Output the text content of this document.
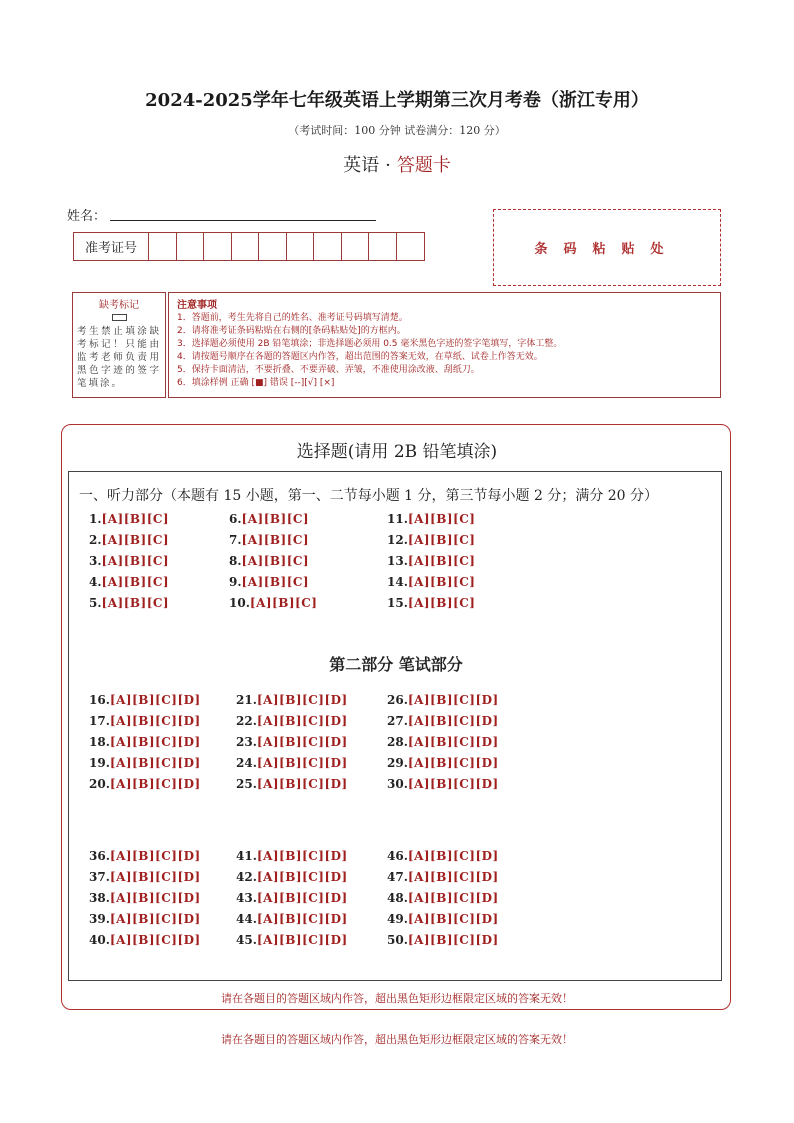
2024-2025学年七年级英语上学期第三次月考卷（浙江专用）
（考试时间：100 分钟 试卷满分：120 分）
英语 · 答题卡
姓名：
准考证号	条码粘贴处
缺考标记
考生禁止填涂缺考标记！只能由监考老师负责用黑色字迹的签字笔填涂。
注意事项
1．答题前，考生先将自己的姓名、准考证号码填写清楚。
2．请将准考证条码粘贴在右侧的[条码粘贴处]的方框内。
3．选择题必须使用 2B 铅笔填涂；非选择题必须用 0.5 毫米黑色字迹的签字笔填写，字体工整。
4．请按题号顺序在各题的答题区内作答，超出范围的答案无效，在草纸、试卷上作答无效。
5．保持卡面清洁，不要折叠、不要弄破、弄皱，不准使用涂改液、刮纸刀。
6．填涂样例 正确 [■] 错误 [--][√] [×]
选择题(请用 2B 铅笔填涂)
一、听力部分（本题有 15 小题，第一、二节每小题 1 分，第三节每小题 2 分；满分 20 分）
第二部分 笔试部分
1.[A][B][C]
2.[A][B][C]
3.[A][B][C]
4.[A][B][C]
5.[A][B][C]
6.[A][B][C]
7.[A][B][C]
8.[A][B][C]
9.[A][B][C]
10.[A][B][C]
11.[A][B][C]
12.[A][B][C]
13.[A][B][C]
14.[A][B][C]
15.[A][B][C]
16.[A][B][C][D]
17.[A][B][C][D]
18.[A][B][C][D]
19.[A][B][C][D]
20.[A][B][C][D]
21.[A][B][C][D]
22.[A][B][C][D]
23.[A][B][C][D]
24.[A][B][C][D]
25.[A][B][C][D]
26.[A][B][C][D]
27.[A][B][C][D]
28.[A][B][C][D]
29.[A][B][C][D]
30.[A][B][C][D]
36.[A][B][C][D]
37.[A][B][C][D]
38.[A][B][C][D]
39.[A][B][C][D]
40.[A][B][C][D]
41.[A][B][C][D]
42.[A][B][C][D]
43.[A][B][C][D]
44.[A][B][C][D]
45.[A][B][C][D]
46.[A][B][C][D]
47.[A][B][C][D]
48.[A][B][C][D]
49.[A][B][C][D]
50.[A][B][C][D]
请在各题目的答题区域内作答，超出黑色矩形边框限定区域的答案无效！
请在各题目的答题区域内作答，超出黑色矩形边框限定区域的答案无效！
